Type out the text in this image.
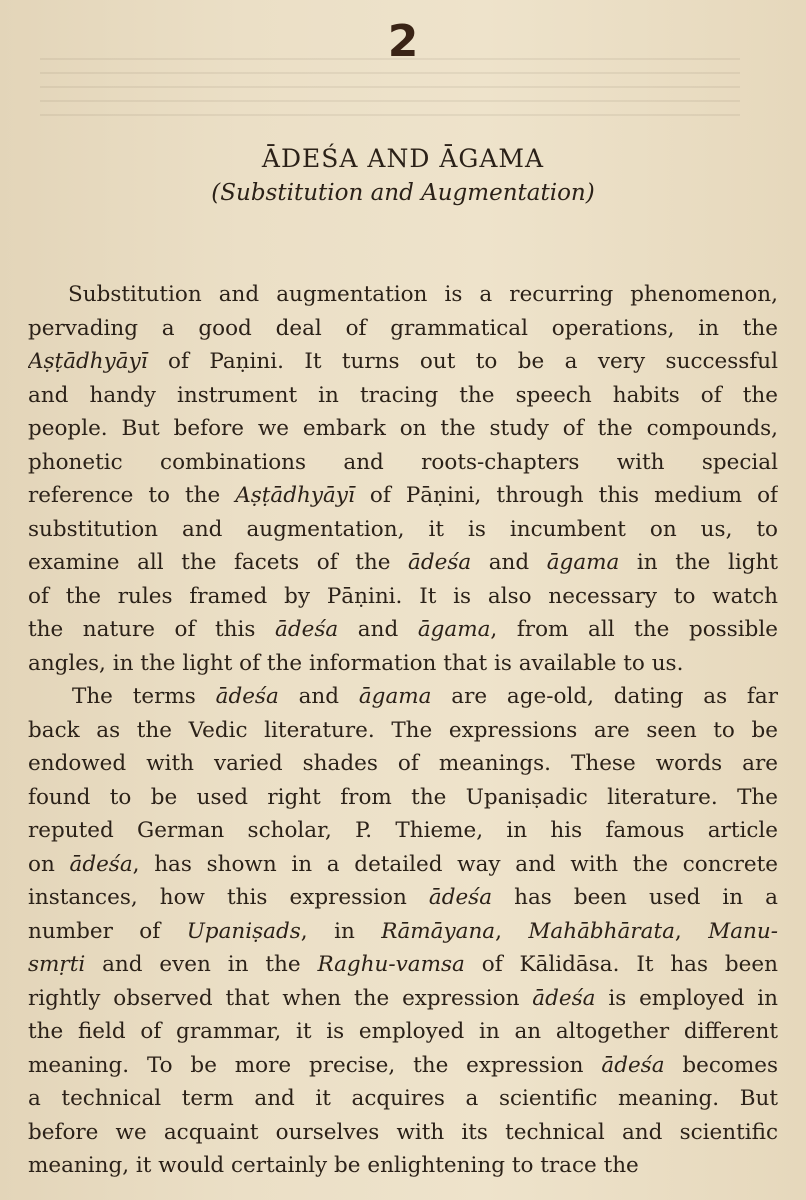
2
ĀDEŚA AND ĀGAMA
(Substitution and Augmentation)
Substitution and augmentation is a recurring phenomenon,
pervading a good deal of grammatical operations, in the
Aṣṭādhyāyī of Paṇini. It turns out to be a very successful
and handy instrument in tracing the speech habits of the
people. But before we embark on the study of the compounds,
phonetic combinations and roots-chapters with special
reference to the Aṣṭādhyāyī of Pāṇini, through this medium of
substitution and augmentation, it is incumbent on us, to
examine all the facets of the ādeśa and āgama in the light
of the rules framed by Pāṇini. It is also necessary to watch
the nature of this ādeśa and āgama, from all the possible
angles, in the light of the information that is available to us.
The terms ādeśa and āgama are age-old, dating as far
back as the Vedic literature. The expressions are seen to be
endowed with varied shades of meanings. These words are
found to be used right from the Upaniṣadic literature. The
reputed German scholar, P. Thieme, in his famous article
on ādeśa, has shown in a detailed way and with the concrete
instances, how this expression ādeśa has been used in a
number of Upaniṣads, in Rāmāyana, Mahābhārata, Manu-
smṛti and even in the Raghu-vamsa of Kālidāsa. It has been
rightly observed that when the expression ādeśa is employed in
the field of grammar, it is employed in an altogether different
meaning. To be more precise, the expression ādeśa becomes
a technical term and it acquires a scientific meaning. But
before we acquaint ourselves with its technical and scientific
meaning, it would certainly be enlightening to trace the
